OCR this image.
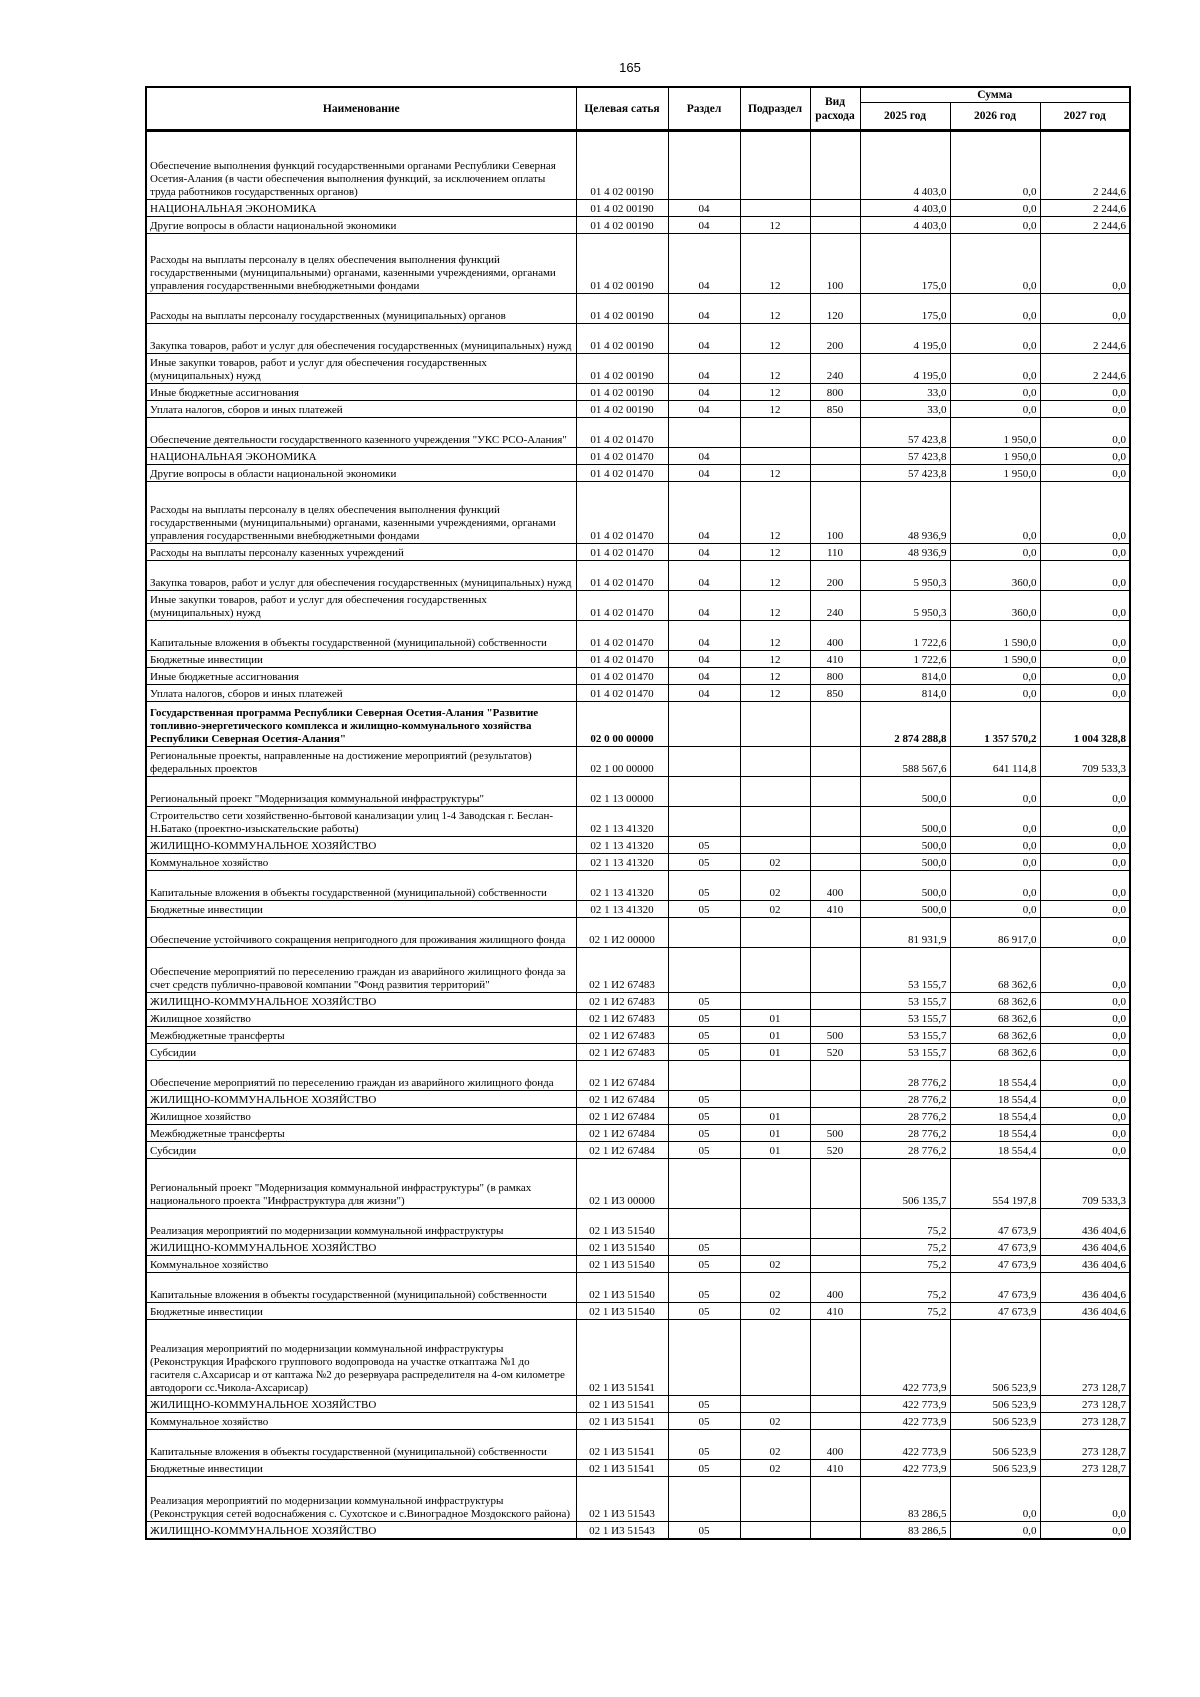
165
Наименование	Целевая сатья	Раздел	Подраздел	Вид расхода	Сумма		
					2025 год	2026 год	2027 год
Обеспечение выполнения функций государственными органами Республики Северная Осетия-Алания (в части обеспечения выполнения функций, за исключением оплаты труда работников государственных органов)	01 4 02 00190				4 403,0	0,0	2 244,6
НАЦИОНАЛЬНАЯ ЭКОНОМИКА	01 4 02 00190	04			4 403,0	0,0	2 244,6
Другие вопросы в области национальной экономики	01 4 02 00190	04	12		4 403,0	0,0	2 244,6
Расходы на выплаты персоналу в целях обеспечения выполнения функций государственными (муниципальными) органами, казенными учреждениями, органами управления государственными внебюджетными фондами	01 4 02 00190	04	12	100	175,0	0,0	0,0
Расходы на выплаты персоналу государственных (муниципальных) органов	01 4 02 00190	04	12	120	175,0	0,0	0,0
Закупка товаров, работ и услуг для обеспечения государственных (муниципальных) нужд	01 4 02 00190	04	12	200	4 195,0	0,0	2 244,6
Иные закупки товаров, работ и услуг для обеспечения государственных (муниципальных) нужд	01 4 02 00190	04	12	240	4 195,0	0,0	2 244,6
Иные бюджетные ассигнования	01 4 02 00190	04	12	800	33,0	0,0	0,0
Уплата налогов, сборов и иных платежей	01 4 02 00190	04	12	850	33,0	0,0	0,0
Обеспечение деятельности государственного казенного учреждения "УКС РСО-Алания"	01 4 02 01470				57 423,8	1 950,0	0,0
НАЦИОНАЛЬНАЯ ЭКОНОМИКА	01 4 02 01470	04			57 423,8	1 950,0	0,0
Другие вопросы в области национальной экономики	01 4 02 01470	04	12		57 423,8	1 950,0	0,0
Расходы на выплаты персоналу в целях обеспечения выполнения функций государственными (муниципальными) органами, казенными учреждениями, органами управления государственными внебюджетными фондами	01 4 02 01470	04	12	100	48 936,9	0,0	0,0
Расходы на выплаты персоналу казенных учреждений	01 4 02 01470	04	12	110	48 936,9	0,0	0,0
Закупка товаров, работ и услуг для обеспечения государственных (муниципальных) нужд	01 4 02 01470	04	12	200	5 950,3	360,0	0,0
Иные закупки товаров, работ и услуг для обеспечения государственных (муниципальных) нужд	01 4 02 01470	04	12	240	5 950,3	360,0	0,0
Капитальные вложения в объекты государственной (муниципальной) собственности	01 4 02 01470	04	12	400	1 722,6	1 590,0	0,0
Бюджетные инвестиции	01 4 02 01470	04	12	410	1 722,6	1 590,0	0,0
Иные бюджетные ассигнования	01 4 02 01470	04	12	800	814,0	0,0	0,0
Уплата налогов, сборов и иных платежей	01 4 02 01470	04	12	850	814,0	0,0	0,0
Государственная программа Республики Северная Осетия-Алания "Развитие топливно-энергетического комплекса и жилищно-коммунального хозяйства Республики Северная Осетия-Алания"	02 0 00 00000				2 874 288,8	1 357 570,2	1 004 328,8
Региональные проекты, направленные на достижение мероприятий (результатов) федеральных проектов	02 1 00 00000				588 567,6	641 114,8	709 533,3
Региональный проект "Модернизация коммунальной инфраструктуры"	02 1 13 00000				500,0	0,0	0,0
Строительство сети хозяйственно-бытовой канализации улиц 1-4 Заводская г. Беслан-Н.Батако (проектно-изыскательские работы)	02 1 13 41320				500,0	0,0	0,0
ЖИЛИЩНО-КОММУНАЛЬНОЕ ХОЗЯЙСТВО	02 1 13 41320	05			500,0	0,0	0,0
Коммунальное хозяйство	02 1 13 41320	05	02		500,0	0,0	0,0
Капитальные вложения в объекты государственной (муниципальной) собственности	02 1 13 41320	05	02	400	500,0	0,0	0,0
Бюджетные инвестиции	02 1 13 41320	05	02	410	500,0	0,0	0,0
Обеспечение устойчивого сокращения непригодного для проживания жилищного фонда	02 1 И2 00000				81 931,9	86 917,0	0,0
Обеспечение мероприятий по переселению граждан из аварийного жилищного фонда за счет средств публично-правовой компании "Фонд развития территорий"	02 1 И2 67483				53 155,7	68 362,6	0,0
ЖИЛИЩНО-КОММУНАЛЬНОЕ ХОЗЯЙСТВО	02 1 И2 67483	05			53 155,7	68 362,6	0,0
Жилищное хозяйство	02 1 И2 67483	05	01		53 155,7	68 362,6	0,0
Межбюджетные трансферты	02 1 И2 67483	05	01	500	53 155,7	68 362,6	0,0
Субсидии	02 1 И2 67483	05	01	520	53 155,7	68 362,6	0,0
Обеспечение мероприятий по переселению граждан из аварийного жилищного фонда	02 1 И2 67484				28 776,2	18 554,4	0,0
ЖИЛИЩНО-КОММУНАЛЬНОЕ ХОЗЯЙСТВО	02 1 И2 67484	05			28 776,2	18 554,4	0,0
Жилищное хозяйство	02 1 И2 67484	05	01		28 776,2	18 554,4	0,0
Межбюджетные трансферты	02 1 И2 67484	05	01	500	28 776,2	18 554,4	0,0
Субсидии	02 1 И2 67484	05	01	520	28 776,2	18 554,4	0,0
Региональный проект "Модернизация коммунальной инфраструктуры" (в рамках национального проекта "Инфраструктура для жизни")	02 1 И3 00000				506 135,7	554 197,8	709 533,3
Реализация мероприятий по модернизации коммунальной инфраструктуры	02 1 И3 51540				75,2	47 673,9	436 404,6
ЖИЛИЩНО-КОММУНАЛЬНОЕ ХОЗЯЙСТВО	02 1 И3 51540	05			75,2	47 673,9	436 404,6
Коммунальное хозяйство	02 1 И3 51540	05	02		75,2	47 673,9	436 404,6
Капитальные вложения в объекты государственной (муниципальной) собственности	02 1 И3 51540	05	02	400	75,2	47 673,9	436 404,6
Бюджетные инвестиции	02 1 И3 51540	05	02	410	75,2	47 673,9	436 404,6
Реализация мероприятий по модернизации коммунальной инфраструктуры (Реконструкция Ирафского группового водопровода на участке откаптажа №1 до гасителя с.Ахсарисар и от каптажа №2 до резервуара распределителя на 4-ом километре автодороги сс.Чикола-Ахсарисар)	02 1 И3 51541				422 773,9	506 523,9	273 128,7
ЖИЛИЩНО-КОММУНАЛЬНОЕ ХОЗЯЙСТВО	02 1 И3 51541	05			422 773,9	506 523,9	273 128,7
Коммунальное хозяйство	02 1 И3 51541	05	02		422 773,9	506 523,9	273 128,7
Капитальные вложения в объекты государственной (муниципальной) собственности	02 1 И3 51541	05	02	400	422 773,9	506 523,9	273 128,7
Бюджетные инвестиции	02 1 И3 51541	05	02	410	422 773,9	506 523,9	273 128,7
Реализация мероприятий по модернизации коммунальной инфраструктуры (Реконструкция сетей водоснабжения с. Сухотское и с.Виноградное Моздокского района)	02 1 И3 51543				83 286,5	0,0	0,0
ЖИЛИЩНО-КОММУНАЛЬНОЕ ХОЗЯЙСТВО	02 1 И3 51543	05			83 286,5	0,0	0,0
